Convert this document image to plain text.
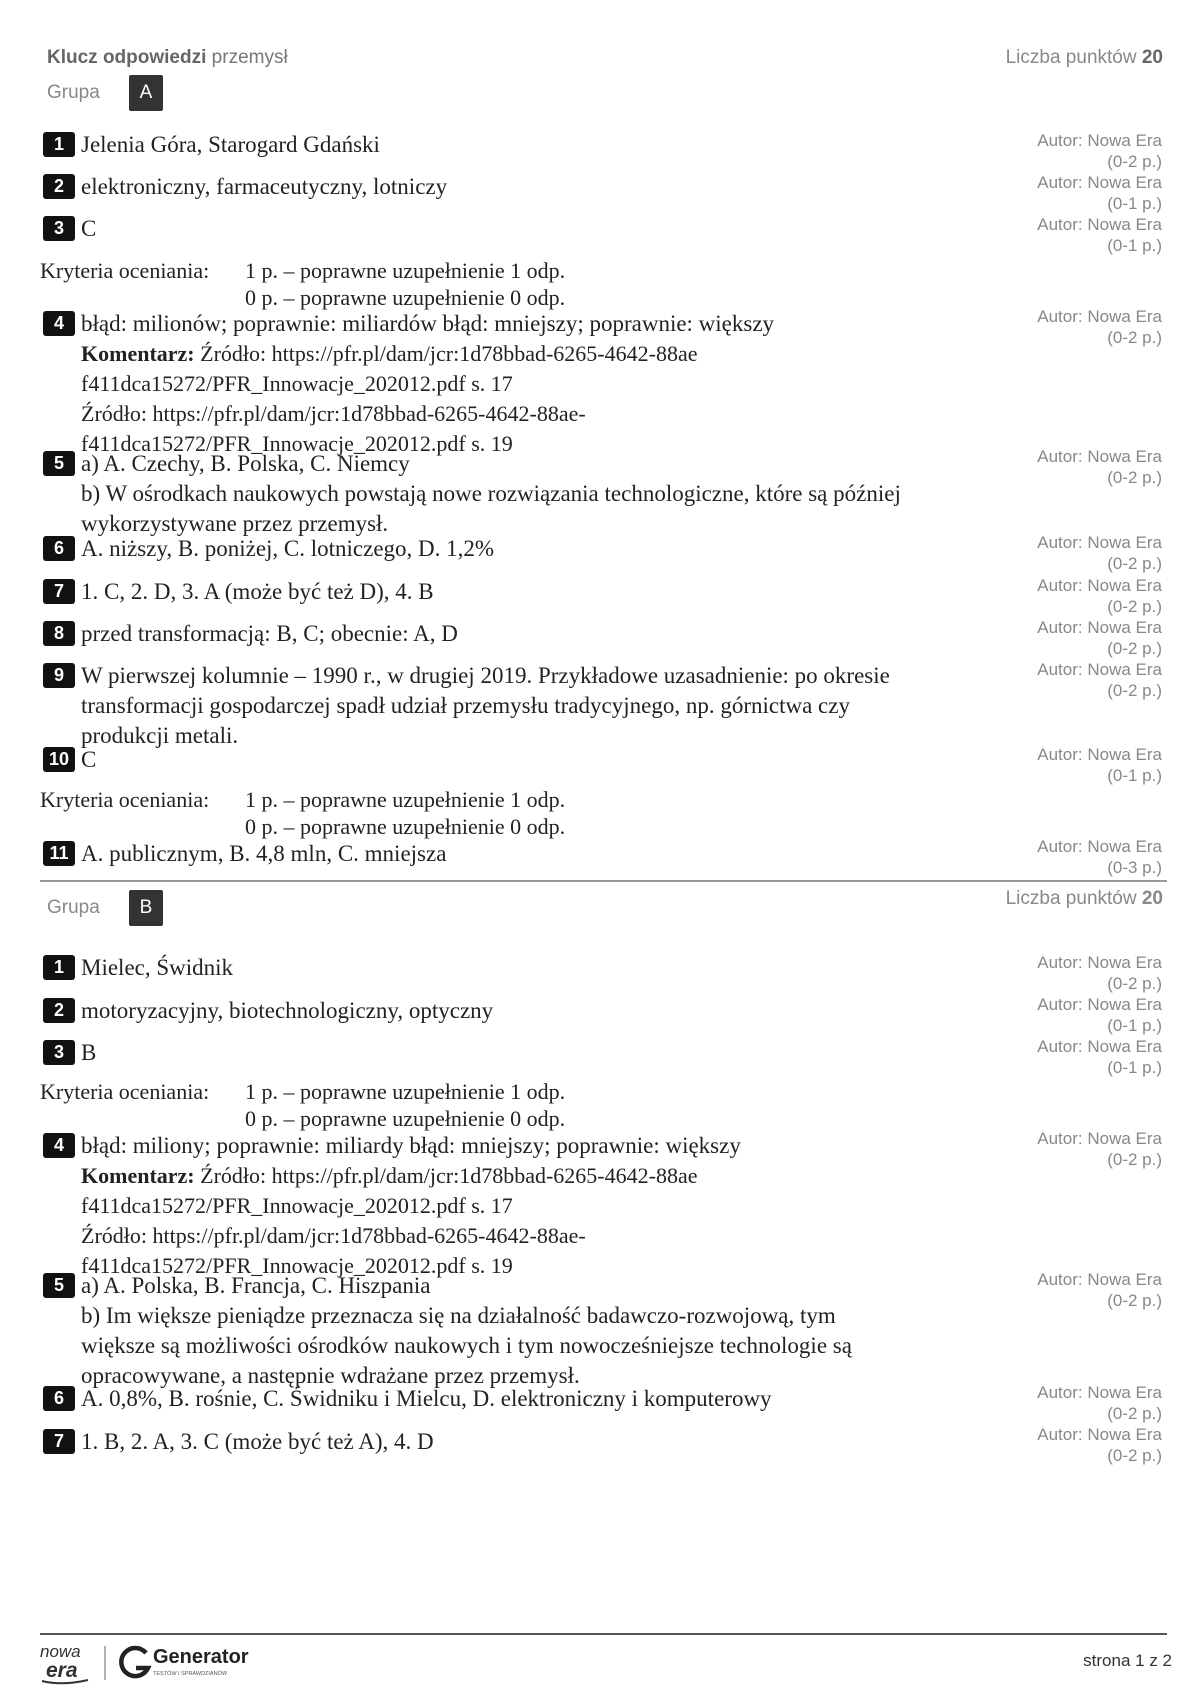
Klucz odpowiedzi przemysł	Liczba punktów 20
Grupa	A
1 Jelenia Góra, Starogard Gdański	Autor: Nowa Era
(0-2 p.)
2 elektroniczny, farmaceutyczny, lotniczy	Autor: Nowa Era
(0-1 p.)
3 C	Autor: Nowa Era
(0-1 p.)
Kryteria oceniania: 1 p. – poprawne uzupełnienie 1 odp.
0 p. – poprawne uzupełnienie 0 odp.
4 błąd: milionów; poprawnie: miliardów błąd: mniejszy; poprawnie: większy

Komentarz: Źródło: https://pfr.pl/dam/jcr:1d78bbad-6265-4642-88ae

f411dca15272/PFR_Innowacje_202012.pdf s. 17

Źródło: https://pfr.pl/dam/jcr:1d78bbad-6265-4642-88ae-

f411dca15272/PFR_Innowacje_202012.pdf s. 19

Autor: Nowa Era
(0-2 p.)
5 a) A. Czechy, B. Polska, C. Niemcy

b) W ośrodkach naukowych powstają nowe rozwiązania technologiczne, które są później

wykorzystywane przez przemysł.

Autor: Nowa Era
(0-2 p.)
6 A. niższy, B. poniżej, C. lotniczego, D. 1,2%	Autor: Nowa Era
(0-2 p.)
7 1. C, 2. D, 3. A (może być też D), 4. B	Autor: Nowa Era
(0-2 p.)
8 przed transformacją: B, C; obecnie: A, D	Autor: Nowa Era
(0-2 p.)
9 W pierwszej kolumnie – 1990 r., w drugiej 2019. Przykładowe uzasadnienie: po okresie

transformacji gospodarczej spadł udział przemysłu tradycyjnego, np. górnictwa czy

produkcji metali.

Autor: Nowa Era
(0-2 p.)
10 C	Autor: Nowa Era
(0-1 p.)
Kryteria oceniania: 1 p. – poprawne uzupełnienie 1 odp.
0 p. – poprawne uzupełnienie 0 odp.
11 A. publicznym, B. 4,8 mln, C. mniejsza	Autor: Nowa Era
(0-3 p.)
Grupa	B	Liczba punktów 20
1 Mielec, Świdnik	Autor: Nowa Era
(0-2 p.)
2 motoryzacyjny, biotechnologiczny, optyczny	Autor: Nowa Era
(0-1 p.)
3 B	Autor: Nowa Era
(0-1 p.)
Kryteria oceniania: 1 p. – poprawne uzupełnienie 1 odp.
0 p. – poprawne uzupełnienie 0 odp.
4 błąd: miliony; poprawnie: miliardy błąd: mniejszy; poprawnie: większy

Komentarz: Źródło: https://pfr.pl/dam/jcr:1d78bbad-6265-4642-88ae

f411dca15272/PFR_Innowacje_202012.pdf s. 17

Źródło: https://pfr.pl/dam/jcr:1d78bbad-6265-4642-88ae-

f411dca15272/PFR_Innowacje_202012.pdf s. 19

Autor: Nowa Era
(0-2 p.)
5 a) A. Polska, B. Francja, C. Hiszpania

b) Im większe pieniądze przeznacza się na działalność badawczo-rozwojową, tym

większe są możliwości ośrodków naukowych i tym nowocześniejsze technologie są

opracowywane, a następnie wdrażane przez przemysł.

Autor: Nowa Era
(0-2 p.)
6 A. 0,8%, B. rośnie, C. Świdniku i Mielcu, D. elektroniczny i komputerowy	Autor: Nowa Era
(0-2 p.)
7 1. B, 2. A, 3. C (może być też A), 4. D	Autor: Nowa Era
(0-2 p.)
nowa
era
Generator
TESTÓW I SPRAWDZIANÓW
strona 1 z 2
